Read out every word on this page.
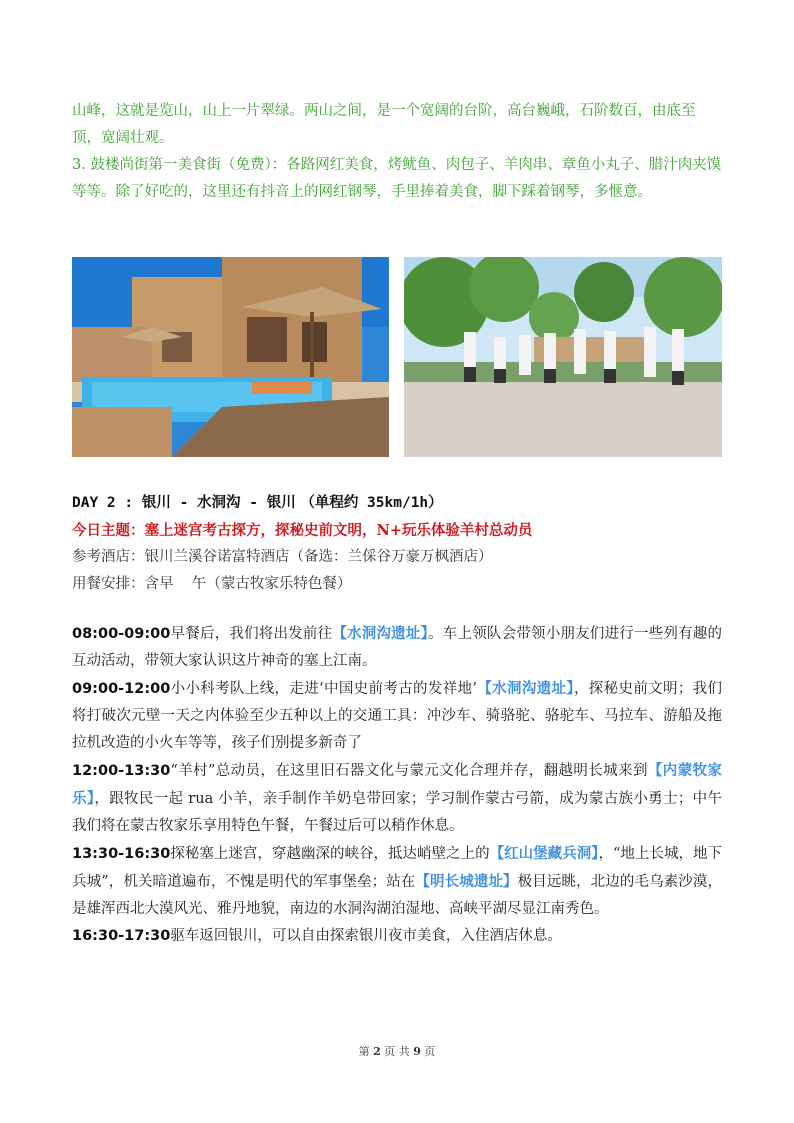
山峰，这就是览山，山上一片翠绿。两山之间，是一个宽阔的台阶，高台巍峨，石阶数百，由底至顶，宽阔壮观。

3. 鼓楼尚街第一美食街（免费）：各路网红美食，烤鱿鱼、肉包子、羊肉串、章鱼小丸子、腊汁肉夹馍等等。除了好吃的，这里还有抖音上的网红钢琴，手里捧着美食，脚下踩着钢琴，多惬意。

DAY 2 : 银川 - 水洞沟 - 银川 （单程约 35km/1h）

今日主题：塞上迷宫考古探方，探秘史前文明，N+玩乐体验羊村总动员

参考酒店：银川兰溪谷诺富特酒店（备选：兰倸谷万豪万枫酒店）

用餐安排：含早    午（蒙古牧家乐特色餐）

08:00-09:00早餐后，我们将出发前往【水洞沟遗址】。车上领队会带领小朋友们进行一些列有趣的互动活动，带领大家认识这片神奇的塞上江南。

09:00-12:00小小科考队上线，走进‘中国史前考古的发祥地’【水洞沟遗址】，探秘史前文明；我们将打破次元壁一天之内体验至少五种以上的交通工具：冲沙车、骑骆驼、骆驼车、马拉车、游船及拖拉机改造的小火车等等，孩子们别提多新奇了

12:00-13:30“羊村”总动员，在这里旧石器文化与蒙元文化合理并存，翻越明长城来到【内蒙牧家乐】，跟牧民一起 rua 小羊，亲手制作羊奶皂带回家；学习制作蒙古弓箭，成为蒙古族小勇士；中午我们将在蒙古牧家乐享用特色午餐，午餐过后可以稍作休息。

13:30-16:30探秘塞上迷宫，穿越幽深的峡谷，抵达峭壁之上的【红山堡藏兵洞】，“地上长城，地下兵城”，机关暗道遍布，不愧是明代的军事堡垒；站在【明长城遗址】极目远眺，北边的毛乌素沙漠，是雄浑西北大漠风光、雅丹地貌，南边的水洞沟湖泊湿地、高峡平湖尽显江南秀色。

16:30-17:30驱车返回银川，可以自由探索银川夜市美食，入住酒店休息。

第 2 页 共 9 页
